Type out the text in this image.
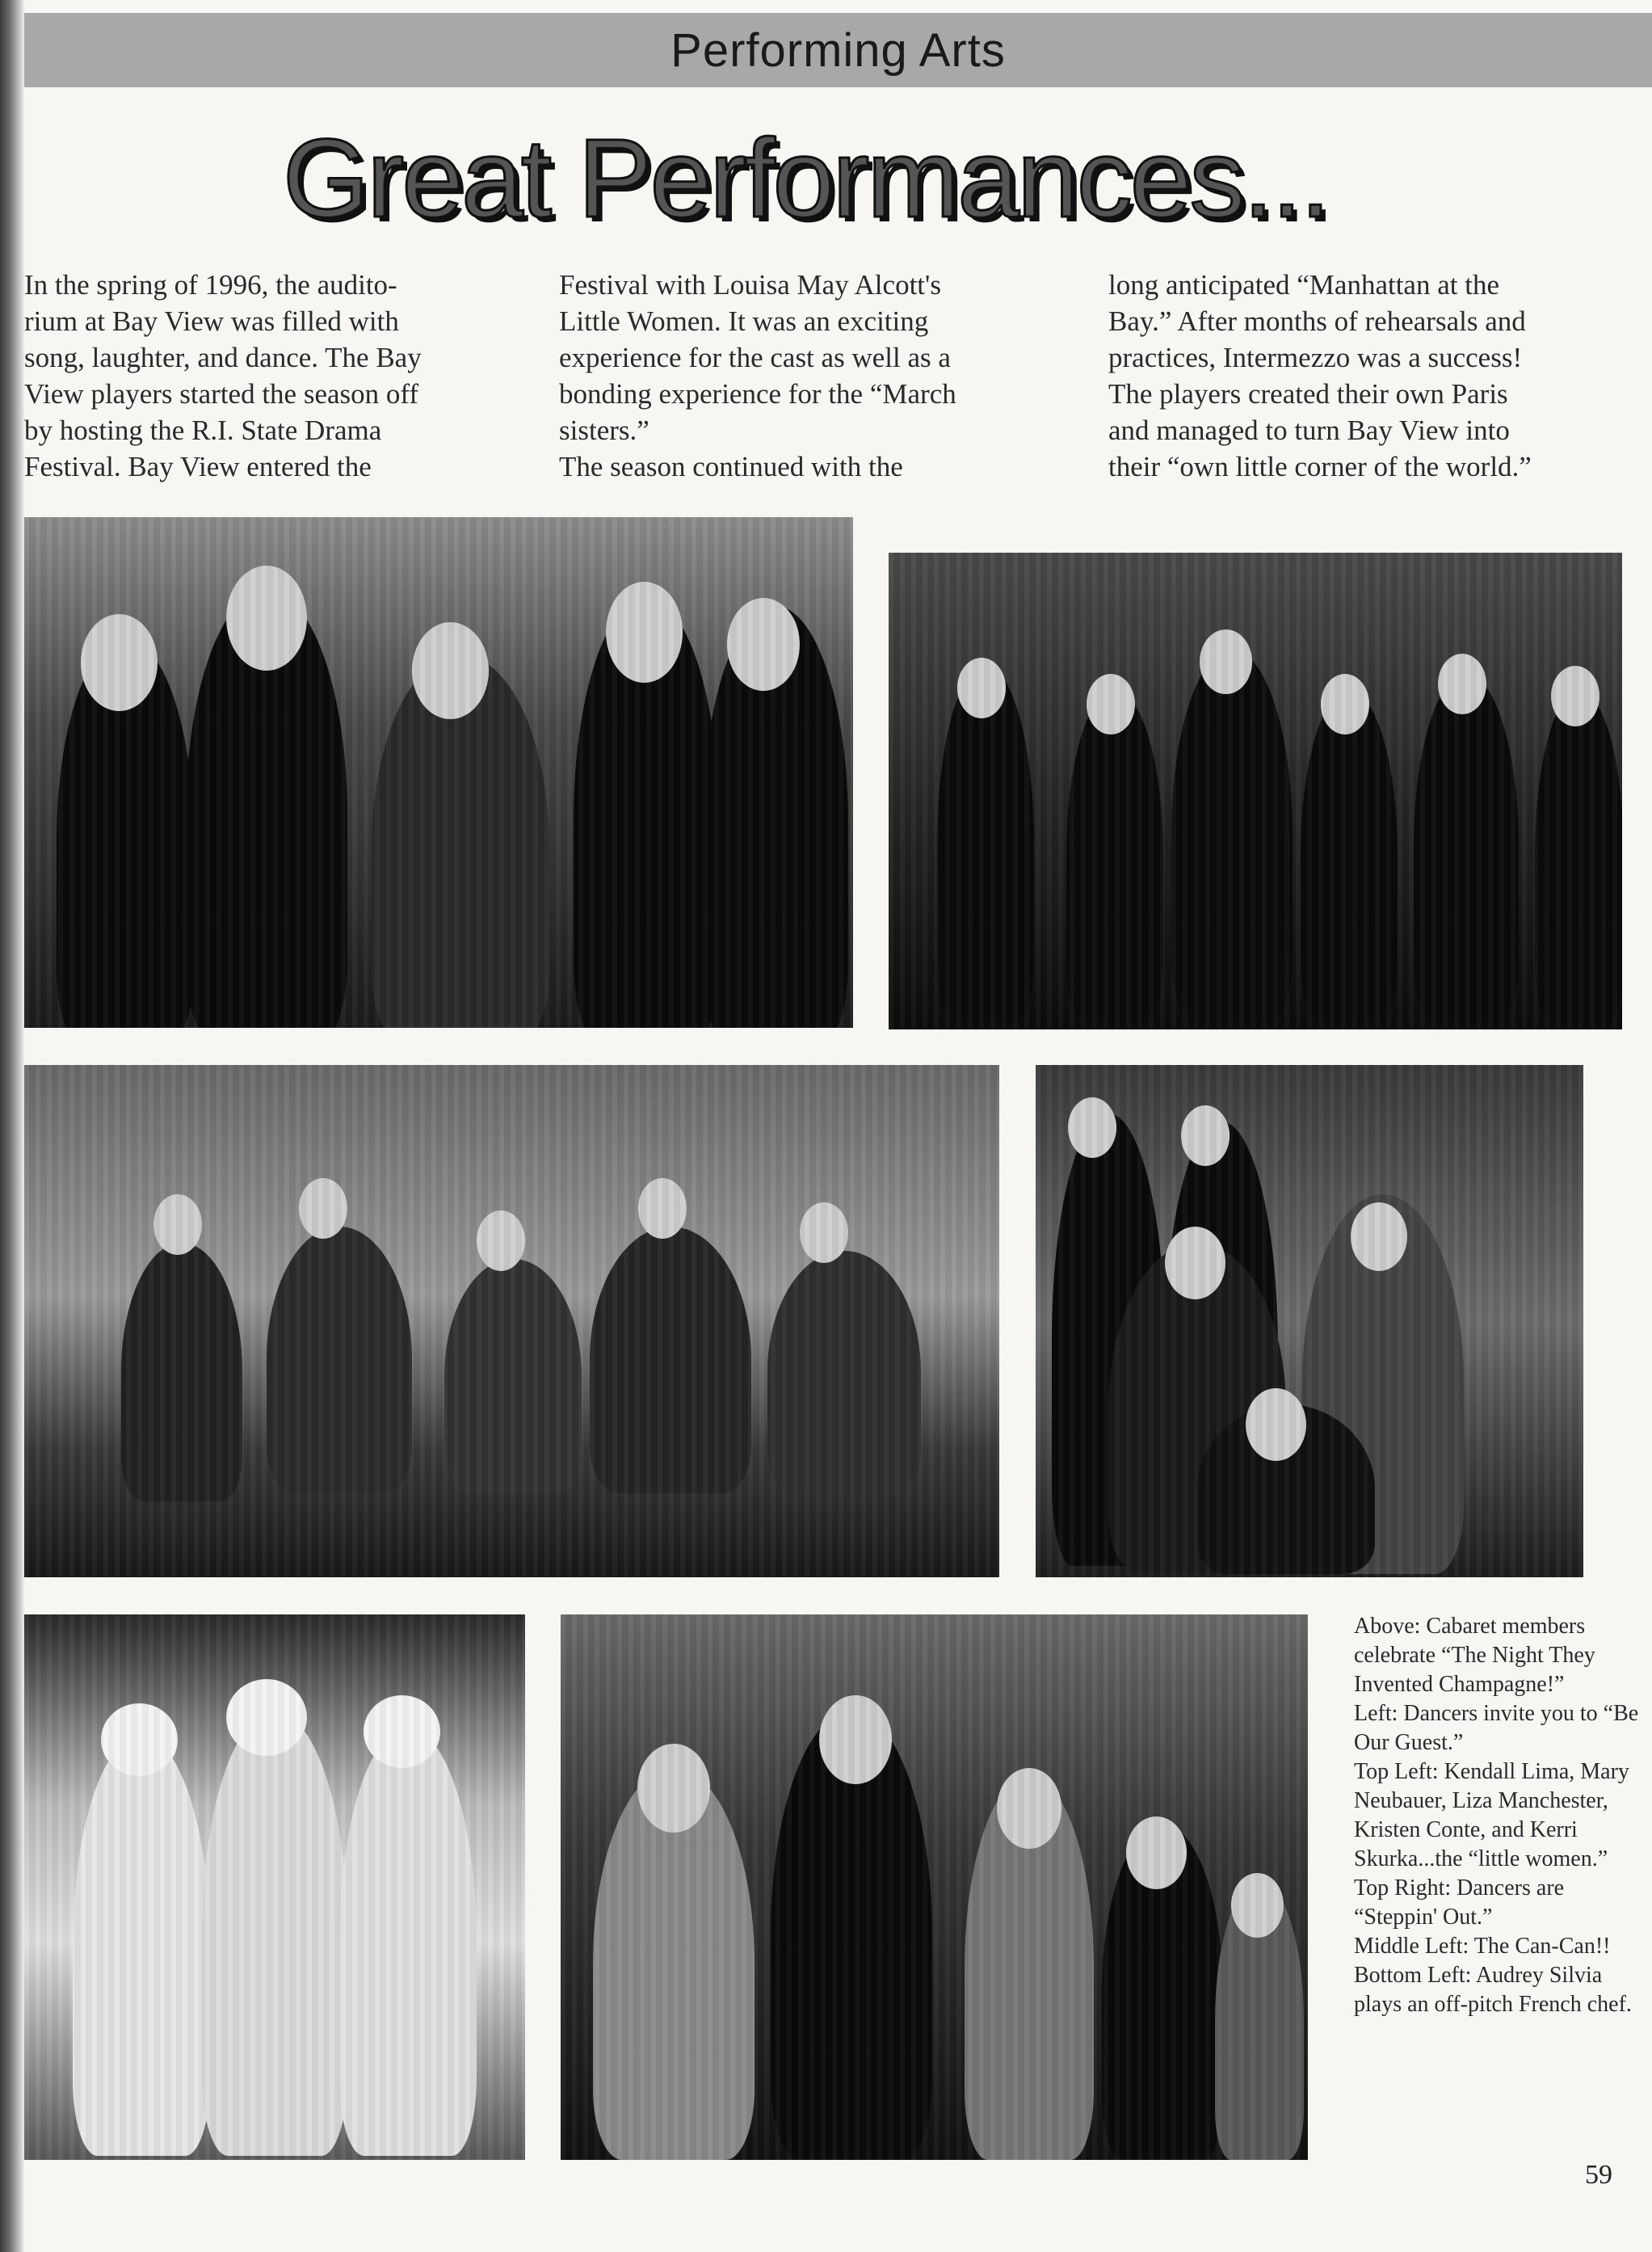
Performing Arts
Great Performances...
In the spring of 1996, the audito-
rium at Bay View was filled with
song, laughter, and dance. The Bay
View players started the season off
by hosting the R.I. State Drama
Festival. Bay View entered the
Festival with Louisa May Alcott's
Little Women. It was an exciting
experience for the cast as well as a
bonding experience for the “March
sisters.”
The season continued with the
long anticipated “Manhattan at the
Bay.” After months of rehearsals and
practices, Intermezzo was a success!
The players created their own Paris
and managed to turn Bay View into
their “own little corner of the world.”
Above: Cabaret members celebrate “The Night They Invented Champagne!”
Left: Dancers invite you to “Be Our Guest.”
Top Left: Kendall Lima, Mary Neubauer, Liza Manchester, Kristen Conte, and Kerri Skurka...the “little women.”
Top Right: Dancers are “Steppin' Out.”
Middle Left: The Can-Can!!
Bottom Left: Audrey Silvia plays an off-pitch French chef.
59
